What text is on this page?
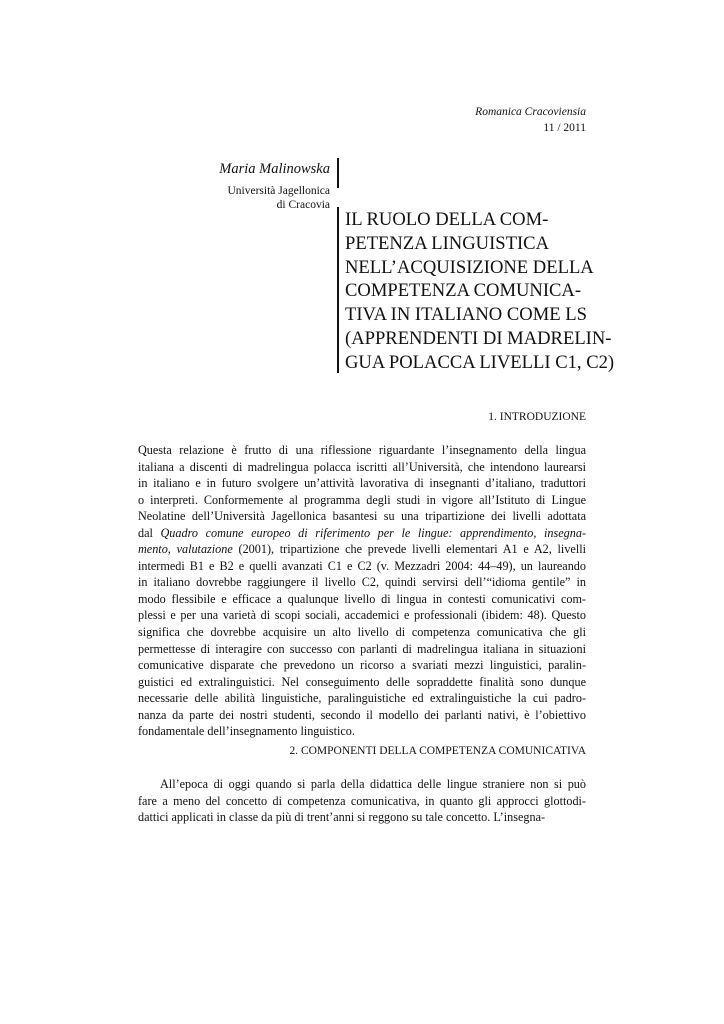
Romanica Cracoviensia
11 / 2011
Maria Malinowska
Università Jagellonica
di Cracovia
IL RUOLO DELLA COM-
PETENZA LINGUISTICA
NELL’ACQUISIZIONE DELLA
COMPETENZA COMUNICA-
TIVA IN ITALIANO COME LS
(APPRENDENTI DI MADRELIN-
GUA POLACCA LIVELLI C1, C2)
1. INTRODUZIONE
Questa relazione è frutto di una riflessione riguardante l’insegnamento della lingua
italiana a discenti di madrelingua polacca iscritti all’Università, che intendono laurearsi
in italiano e in futuro svolgere un’attività lavorativa di insegnanti d’italiano, traduttori
o interpreti. Conformemente al programma degli studi in vigore all’Istituto di Lingue
Neolatine dell’Università Jagellonica basantesi su una tripartizione dei livelli adottata
dal Quadro comune europeo di riferimento per le lingue: apprendimento, insegna-
mento, valutazione (2001), tripartizione che prevede livelli elementari A1 e A2, livelli
intermedi B1 e B2 e quelli avanzati C1 e C2 (v. Mezzadri 2004: 44–49), un laureando
in italiano dovrebbe raggiungere il livello C2, quindi servirsi dell’“idioma gentile” in
modo flessibile e efficace a qualunque livello di lingua in contesti comunicativi com-
plessi e per una varietà di scopi sociali, accademici e professionali (ibidem: 48). Questo
significa che dovrebbe acquisire un alto livello di competenza comunicativa che gli
permettesse di interagire con successo con parlanti di madrelingua italiana in situazioni
comunicative disparate che prevedono un ricorso a svariati mezzi linguistici, paralin-
guistici ed extralinguistici. Nel conseguimento delle sopraddette finalità sono dunque
necessarie delle abilità linguistiche, paralinguistiche ed extralinguistiche la cui padro-
nanza da parte dei nostri studenti, secondo il modello dei parlanti nativi, è l’obiettivo
fondamentale dell’insegnamento linguistico.
2. COMPONENTI DELLA COMPETENZA COMUNICATIVA
All’epoca di oggi quando si parla della didattica delle lingue straniere non si può
fare a meno del concetto di competenza comunicativa, in quanto gli approcci glottodi-
dattici applicati in classe da più di trent’anni si reggono su tale concetto. L’insegna-
